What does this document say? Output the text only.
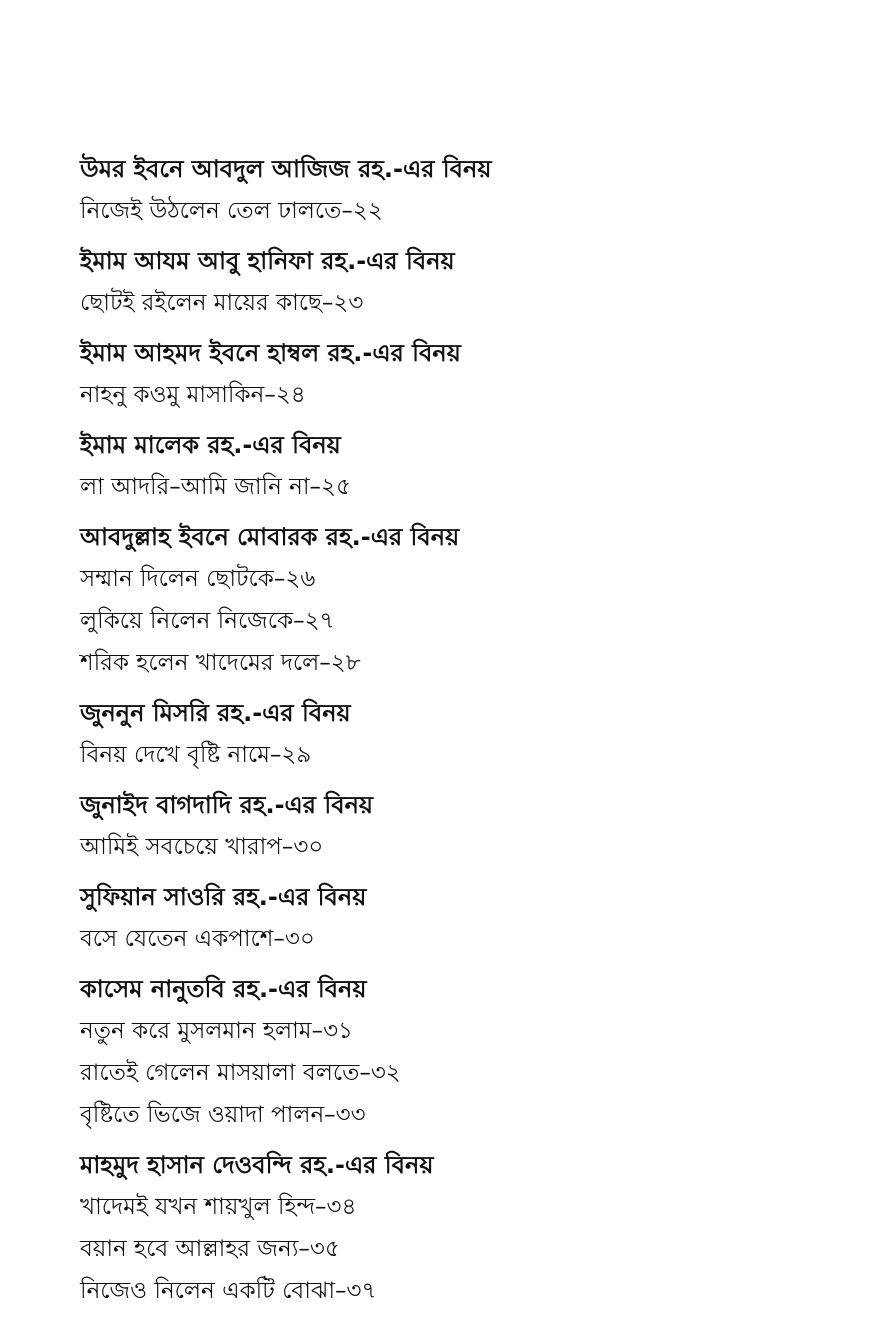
উমর ইবনে আবদুল আজিজ রহ.-এর বিনয়
নিজেই উঠলেন তেল ঢালতে–২২
ইমাম আযম আবু হানিফা রহ.-এর বিনয়
ছোটই রইলেন মায়ের কাছে–২৩
ইমাম আহমদ ইবনে হাম্বল রহ.-এর বিনয়
নাহনু কওমু মাসাকিন–২৪
ইমাম মালেক রহ.-এর বিনয়
লা আদরি–আমি জানি না–২৫
আবদুল্লাহ ইবনে মোবারক রহ.-এর বিনয়
সম্মান দিলেন ছোটকে–২৬
লুকিয়ে নিলেন নিজেকে–২৭
শরিক হলেন খাদেমের দলে–২৮
জুননুন মিসরি রহ.-এর বিনয়
বিনয় দেখে বৃষ্টি নামে–২৯
জুনাইদ বাগদাদি রহ.-এর বিনয়
আমিই সবচেয়ে খারাপ–৩০
সুফিয়ান সাওরি রহ.-এর বিনয়
বসে যেতেন একপাশে–৩০
কাসেম নানুতবি রহ.-এর বিনয়
নতুন করে মুসলমান হলাম–৩১
রাতেই গেলেন মাসয়ালা বলতে–৩২
বৃষ্টিতে ভিজে ওয়াদা পালন–৩৩
মাহমুদ হাসান দেওবন্দি রহ.-এর বিনয়
খাদেমই যখন শায়খুল হিন্দ–৩৪
বয়ান হবে আল্লাহর জন্য–৩৫
নিজেও নিলেন একটি বোঝা–৩৭
